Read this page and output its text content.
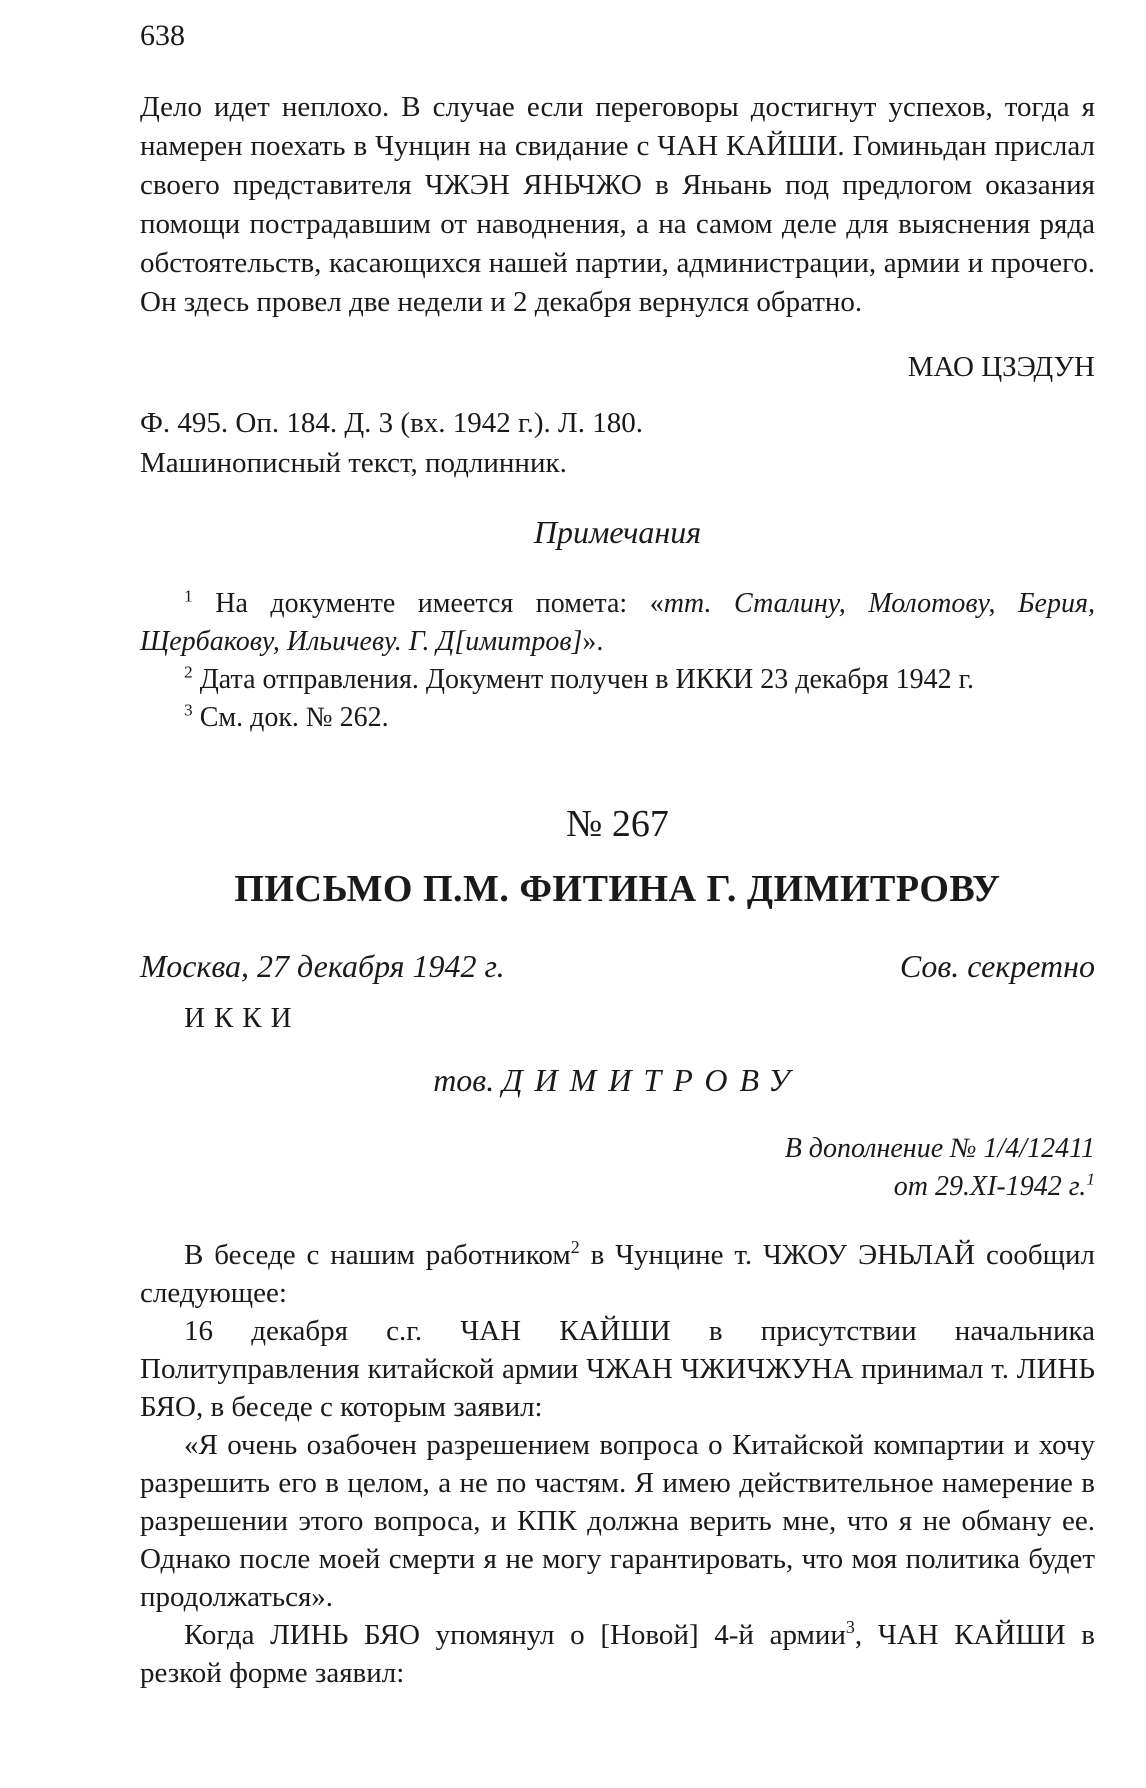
638

Дело идет неплохо. В случае если переговоры достигнут успехов, тогда я намерен поехать в Чунцин на свидание с ЧАН КАЙШИ. Гоминьдан прислал своего представителя ЧЖЭН ЯНЬЧЖО в Яньань под предлогом оказания помощи пострадавшим от наводнения, а на самом деле для выяснения ряда обстоятельств, касающихся нашей партии, администрации, армии и прочего. Он здесь провел две недели и 2 декабря вернулся обратно.

МАО ЦЗЭДУН
Ф. 495. Оп. 184. Д. 3 (вх. 1942 г.). Л. 180.
Машинописный текст, подлинник.
Примечания

$^1$ На документе имеется помета: «тт. Сталину, Молотову, Берия, Щербакову, Ильичеву. Г. Д[имитров]».

$^2$ Дата отправления. Документ получен в ИККИ 23 декабря 1942 г.

$^3$ См. док. № 262.

№ 267
ПИСЬМО П.М. ФИТИНА Г. ДИМИТРОВУ
Москва, 27 декабря 1942 г.	Сов. секретно
ИККИ
тов. ДИМИТРОВУ
В дополнение № 1/4/12411
от 29.XI-1942 г.$^1$

В беседе с нашим работником$^2$ в Чунцине т. ЧЖОУ ЭНЬЛАЙ сообщил следующее:

16 декабря с.г. ЧАН КАЙШИ в присутствии начальника Политуправления китайской армии ЧЖАН ЧЖИЧЖУНА принимал т. ЛИНЬ БЯО, в беседе с которым заявил:

«Я очень озабочен разрешением вопроса о Китайской компартии и хочу разрешить его в целом, а не по частям. Я имею действительное намерение в разрешении этого вопроса, и КПК должна верить мне, что я не обману ее. Однако после моей смерти я не могу гарантировать, что моя политика будет продолжаться».

Когда ЛИНЬ БЯО упомянул о [Новой] 4-й армии$^3$, ЧАН КАЙШИ в резкой форме заявил:
